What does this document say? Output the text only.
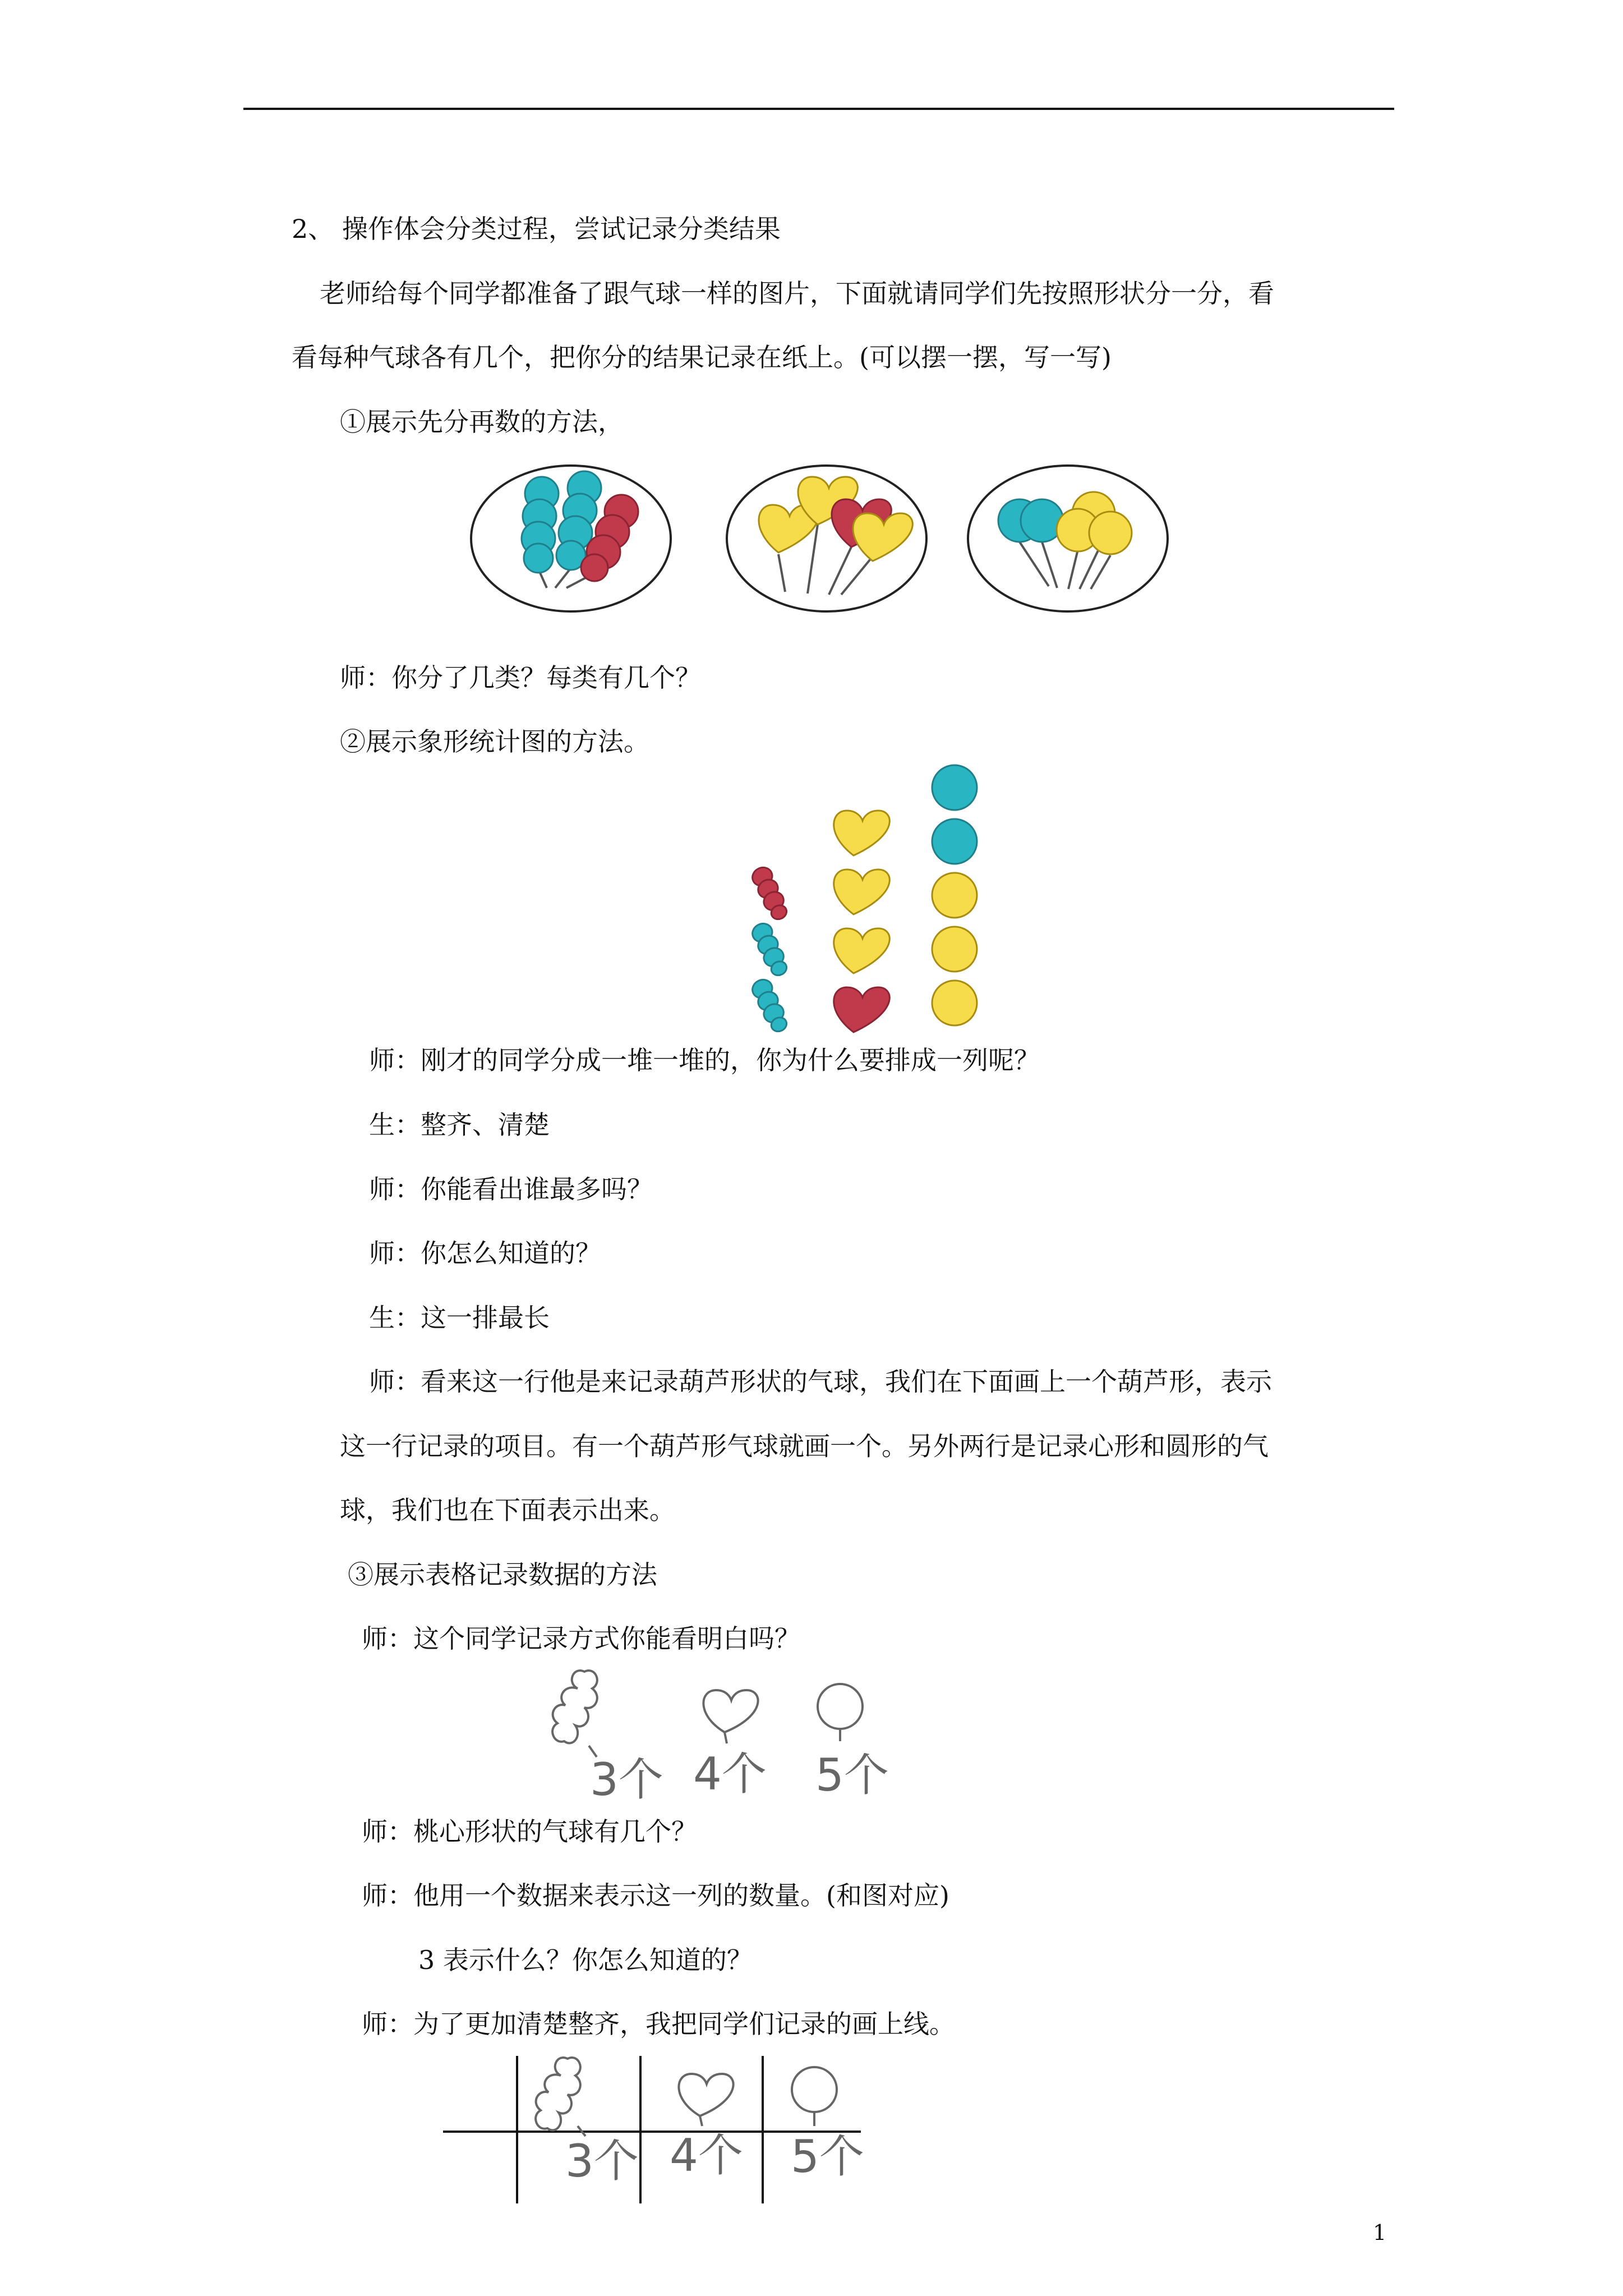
2、 操作体会分类过程，尝试记录分类结果
老师给每个同学都准备了跟气球一样的图片，下面就请同学们先按照形状分一分，看
看每种气球各有几个，把你分的结果记录在纸上。(可以摆一摆，写一写)
①展示先分再数的方法，
师：你分了几类？每类有几个？
②展示象形统计图的方法。
师：刚才的同学分成一堆一堆的，你为什么要排成一列呢？
生：整齐、清楚
师：你能看出谁最多吗？
师：你怎么知道的？
生：这一排最长
师：看来这一行他是来记录葫芦形状的气球，我们在下面画上一个葫芦形，表示
这一行记录的项目。有一个葫芦形气球就画一个。另外两行是记录心形和圆形的气
球，我们也在下面表示出来。
③展示表格记录数据的方法
师：这个同学记录方式你能看明白吗？
3个 4个 5个
师：桃心形状的气球有几个？
师：他用一个数据来表示这一列的数量。(和图对应)
3 表示什么？你怎么知道的？
师：为了更加清楚整齐，我把同学们记录的画上线。
3个 4个 5个
1
